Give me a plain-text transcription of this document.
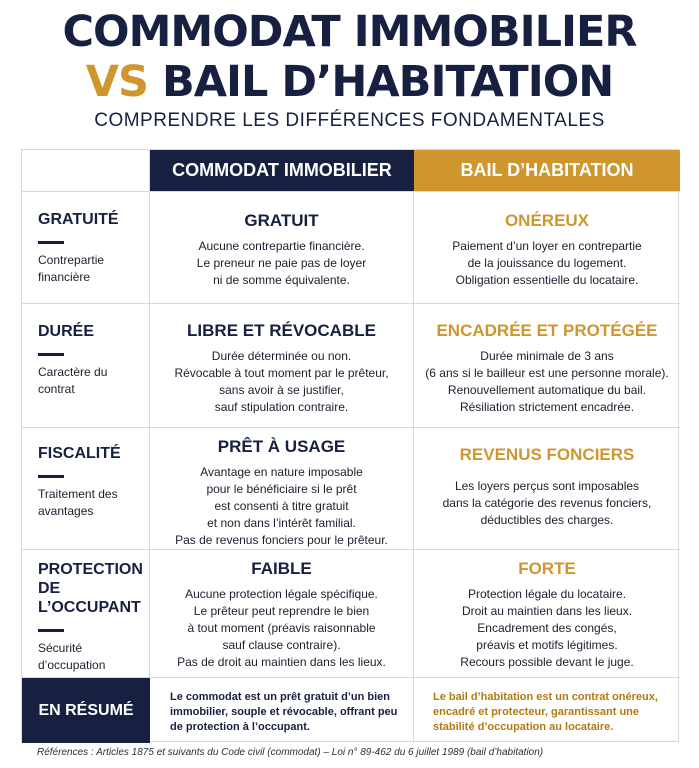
COMMODAT IMMOBILIER
VS BAIL D’HABITATION
COMPRENDRE LES DIFFÉRENCES FONDAMENTALES
COMMODAT IMMOBILIER	BAIL D’HABITATION
GRATUITÉ
Contrepartie financière
GRATUIT
Aucune contrepartie financière.
Le preneur ne paie pas de loyer
ni de somme équivalente.
ONÉREUX
Paiement d’un loyer en contrepartie
de la jouissance du logement.
Obligation essentielle du locataire.
DURÉE
Caractère du contrat
LIBRE ET RÉVOCABLE
Durée déterminée ou non.
Révocable à tout moment par le prêteur,
sans avoir à se justifier,
sauf stipulation contraire.
ENCADRÉE ET PROTÉGÉE
Durée minimale de 3 ans
(6 ans si le bailleur est une personne morale).
Renouvellement automatique du bail.
Résiliation strictement encadrée.
FISCALITÉ
Traitement des avantages
PRÊT À USAGE
Avantage en nature imposable
pour le bénéficiaire si le prêt
est consenti à titre gratuit
et non dans l’intérêt familial.
Pas de revenus fonciers pour le prêteur.
REVENUS FONCIERS
Les loyers perçus sont imposables
dans la catégorie des revenus fonciers,
déductibles des charges.
PROTECTION DE L’OCCUPANT
Sécurité d’occupation
FAIBLE
Aucune protection légale spécifique.
Le prêteur peut reprendre le bien
à tout moment (préavis raisonnable
sauf clause contraire).
Pas de droit au maintien dans les lieux.
FORTE
Protection légale du locataire.
Droit au maintien dans les lieux.
Encadrement des congés,
préavis et motifs légitimes.
Recours possible devant le juge.
EN RÉSUMÉ
Le commodat est un prêt gratuit d’un bien immobilier, souple et révocable, offrant peu de protection à l’occupant.
Le bail d’habitation est un contrat onéreux, encadré et protecteur, garantissant une stabilité d’occupation au locataire.
Références : Articles 1875 et suivants du Code civil (commodat) – Loi n° 89-462 du 6 juillet 1989 (bail d’habitation)
